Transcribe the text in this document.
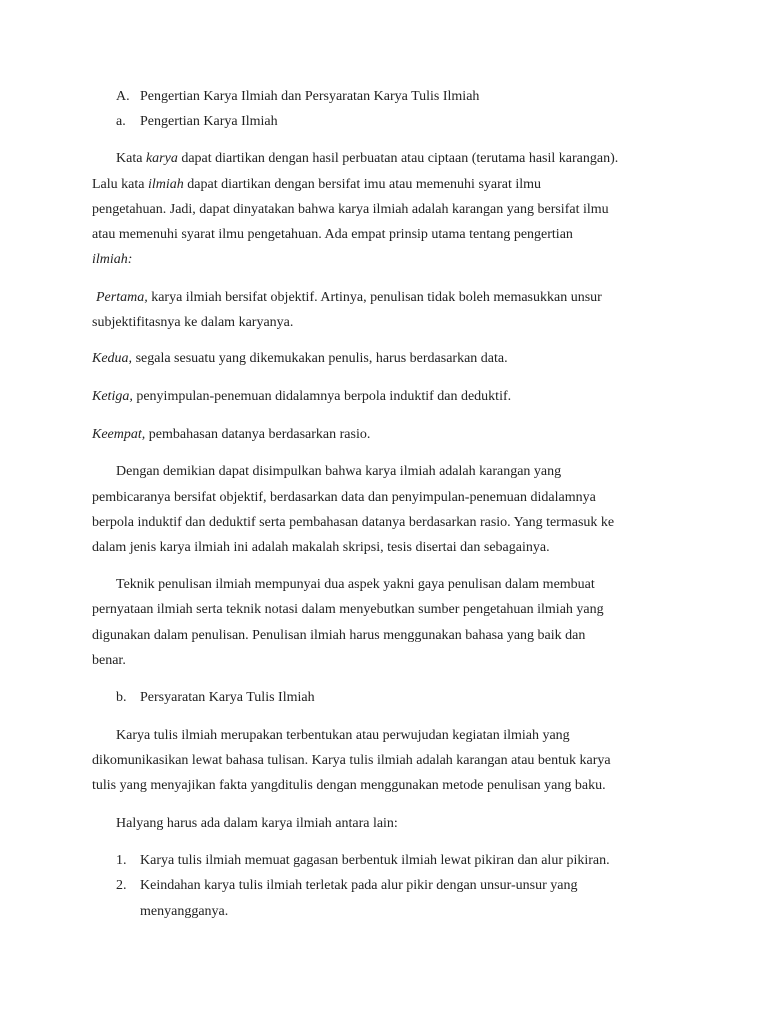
A. Pengertian Karya Ilmiah dan Persyaratan Karya Tulis Ilmiah
a. Pengertian Karya Ilmiah
Kata karya dapat diartikan dengan hasil perbuatan atau ciptaan (terutama hasil karangan).
Lalu kata ilmiah dapat diartikan dengan bersifat imu atau memenuhi syarat ilmu
pengetahuan. Jadi, dapat dinyatakan bahwa karya ilmiah adalah karangan yang bersifat ilmu
atau memenuhi syarat ilmu pengetahuan. Ada empat prinsip utama tentang pengertian
ilmiah:
Pertama, karya ilmiah bersifat objektif. Artinya, penulisan tidak boleh memasukkan unsur
subjektifitasnya ke dalam karyanya.
Kedua, segala sesuatu yang dikemukakan penulis, harus berdasarkan data.
Ketiga, penyimpulan-penemuan didalamnya berpola induktif dan deduktif.
Keempat, pembahasan datanya berdasarkan rasio.
Dengan demikian dapat disimpulkan bahwa karya ilmiah adalah karangan yang
pembicaranya bersifat objektif, berdasarkan data dan penyimpulan-penemuan didalamnya
berpola induktif dan deduktif serta pembahasan datanya berdasarkan rasio. Yang termasuk ke
dalam jenis karya ilmiah ini adalah makalah skripsi, tesis disertai dan sebagainya.
Teknik penulisan ilmiah mempunyai dua aspek yakni gaya penulisan dalam membuat
pernyataan ilmiah serta teknik notasi dalam menyebutkan sumber pengetahuan ilmiah yang
digunakan dalam penulisan. Penulisan ilmiah harus menggunakan bahasa yang baik dan
benar.
b. Persyaratan Karya Tulis Ilmiah
Karya tulis ilmiah merupakan terbentukan atau perwujudan kegiatan ilmiah yang
dikomunikasikan lewat bahasa tulisan. Karya tulis ilmiah adalah karangan atau bentuk karya
tulis yang menyajikan fakta yangditulis dengan menggunakan metode penulisan yang baku.
Halyang harus ada dalam karya ilmiah antara lain:
1. Karya tulis ilmiah memuat gagasan berbentuk ilmiah lewat pikiran dan alur pikiran.
2. Keindahan karya tulis ilmiah terletak pada alur pikir dengan unsur-unsur yang
menyangganya.
